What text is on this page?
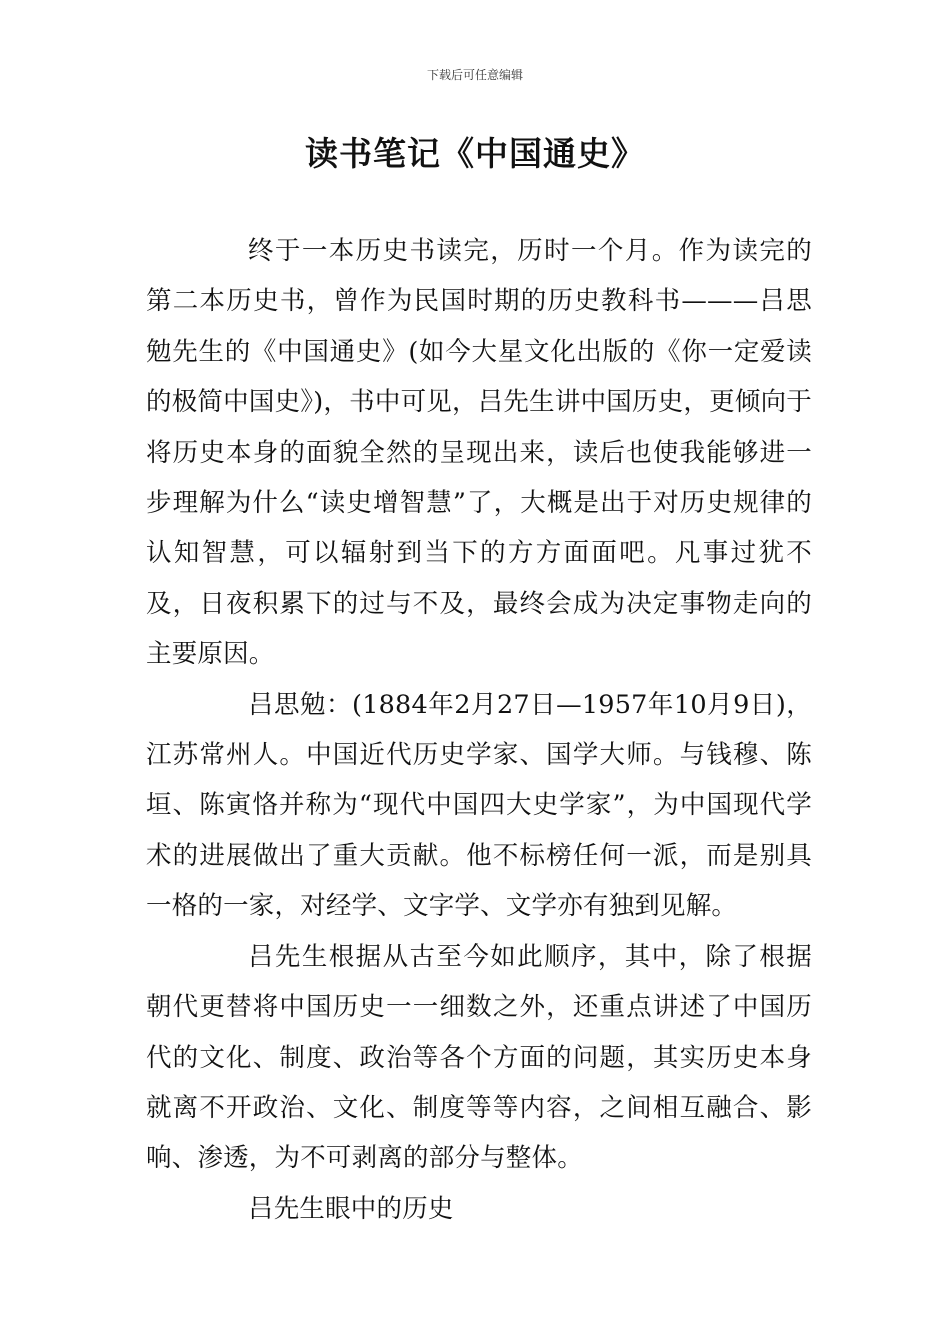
下载后可任意编辑
读书笔记《中国通史》

终于一本历史书读完，历时一个月。作为读完的第二本历史书，曾作为民国时期的历史教科书———吕思勉先生的《中国通史》(如今大星文化出版的《你一定爱读的极简中国史》)，书中可见，吕先生讲中国历史，更倾向于将历史本身的面貌全然的呈现出来，读后也使我能够进一步理解为什么“读史增智慧”了，大概是出于对历史规律的认知智慧，可以辐射到当下的方方面面吧。凡事过犹不及，日夜积累下的过与不及，最终会成为决定事物走向的主要原因。

吕思勉：(1884年2月27日—1957年10月9日)，江苏常州人。中国近代历史学家、国学大师。与钱穆、陈垣、陈寅恪并称为“现代中国四大史学家”，为中国现代学术的进展做出了重大贡献。他不标榜任何一派，而是别具一格的一家，对经学、文字学、文学亦有独到见解。

吕先生根据从古至今如此顺序，其中，除了根据朝代更替将中国历史一一细数之外，还重点讲述了中国历代的文化、制度、政治等各个方面的问题，其实历史本身就离不开政治、文化、制度等等内容，之间相互融合、影响、渗透，为不可剥离的部分与整体。

吕先生眼中的历史
